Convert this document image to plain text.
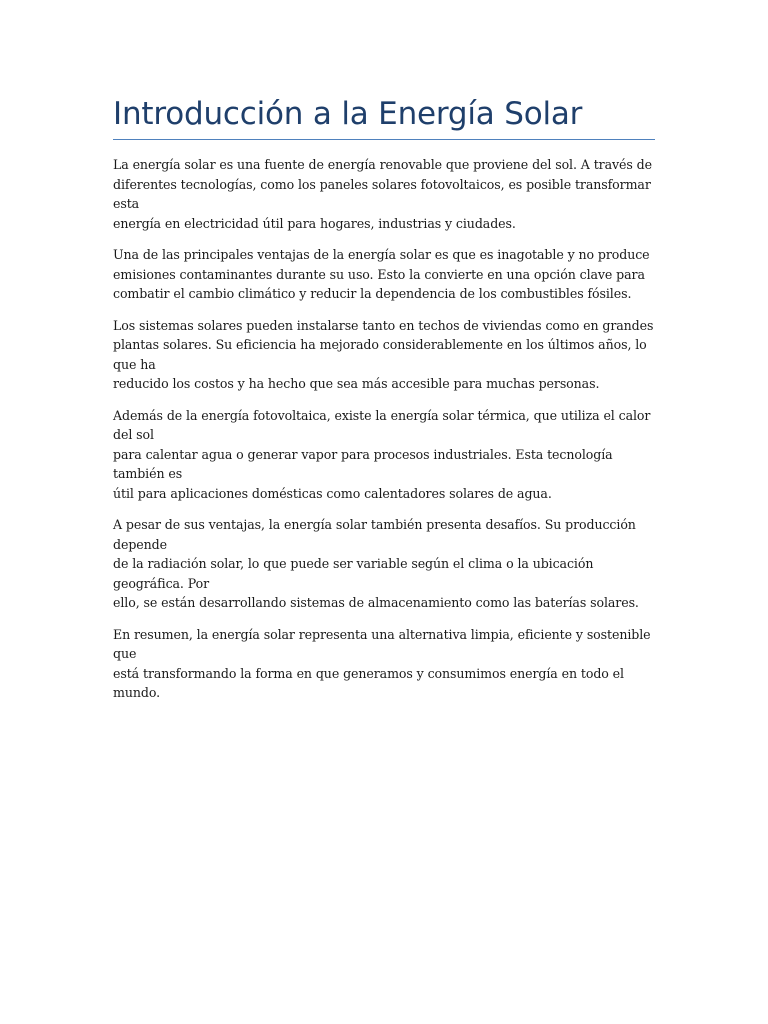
Introducción a la Energía Solar

La energía solar es una fuente de energía renovable que proviene del sol. A través de
diferentes tecnologías, como los paneles solares fotovoltaicos, es posible transformar esta
energía en electricidad útil para hogares, industrias y ciudades.

Una de las principales ventajas de la energía solar es que es inagotable y no produce
emisiones contaminantes durante su uso. Esto la convierte en una opción clave para
combatir el cambio climático y reducir la dependencia de los combustibles fósiles.

Los sistemas solares pueden instalarse tanto en techos de viviendas como en grandes
plantas solares. Su eficiencia ha mejorado considerablemente en los últimos años, lo que ha
reducido los costos y ha hecho que sea más accesible para muchas personas.

Además de la energía fotovoltaica, existe la energía solar térmica, que utiliza el calor del sol
para calentar agua o generar vapor para procesos industriales. Esta tecnología también es
útil para aplicaciones domésticas como calentadores solares de agua.

A pesar de sus ventajas, la energía solar también presenta desafíos. Su producción depende
de la radiación solar, lo que puede ser variable según el clima o la ubicación geográfica. Por
ello, se están desarrollando sistemas de almacenamiento como las baterías solares.

En resumen, la energía solar representa una alternativa limpia, eficiente y sostenible que
está transformando la forma en que generamos y consumimos energía en todo el mundo.
